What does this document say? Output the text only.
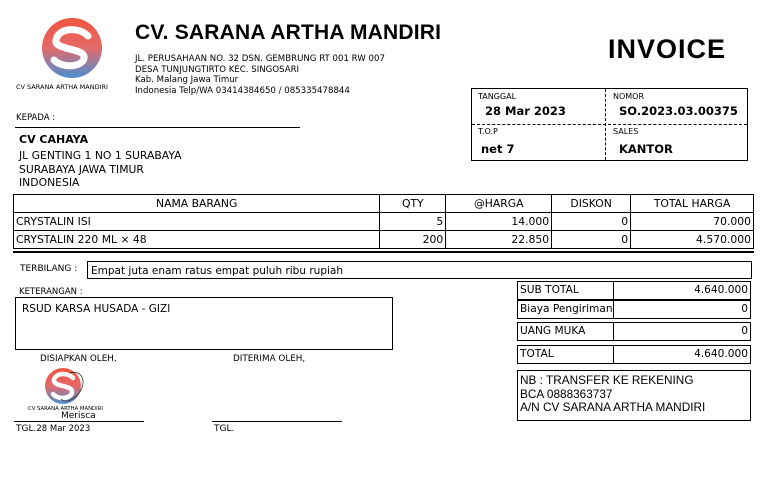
CV SARANA ARTHA MANDIRI
CV. SARANA ARTHA MANDIRI
JL. PERUSAHAAN NO. 32 DSN. GEMBRUNG RT 001 RW 007
DESA TUNJUNGTIRTO KEC. SINGOSARI
Kab. Malang Jawa Timur
Indonesia Telp/WA 03414384650 / 085335478844
INVOICE
TANGGAL
28 Mar 2023
NOMOR
SO.2023.03.00375
T.O.P
net 7
SALES
KANTOR
KEPADA :
CV CAHAYA
JL GENTING 1 NO 1 SURABAYA
SURABAYA JAWA TIMUR
INDONESIA
NAMA BARANG	QTY	@HARGA	DISKON	TOTAL HARGA
CRYSTALIN ISI	5	14.000	0	70.000
CRYSTALIN 220 ML × 48	200	22.850	0	4.570.000
TERBILANG :	Empat juta enam ratus empat puluh ribu rupiah
KETERANGAN :
RSUD KARSA HUSADA - GIZI
SUB TOTAL	4.640.000
Biaya Pengiriman	0
UANG MUKA	0
TOTAL	4.640.000
NB : TRANSFER KE REKENING
BCA 0888363737
A/N CV SARANA ARTHA MANDIRI
DISIAPKAN OLEH,	DITERIMA OLEH,
CV SARANA ARTHA MANDIRI
Merisca
TGL.28 Mar 2023	TGL.
